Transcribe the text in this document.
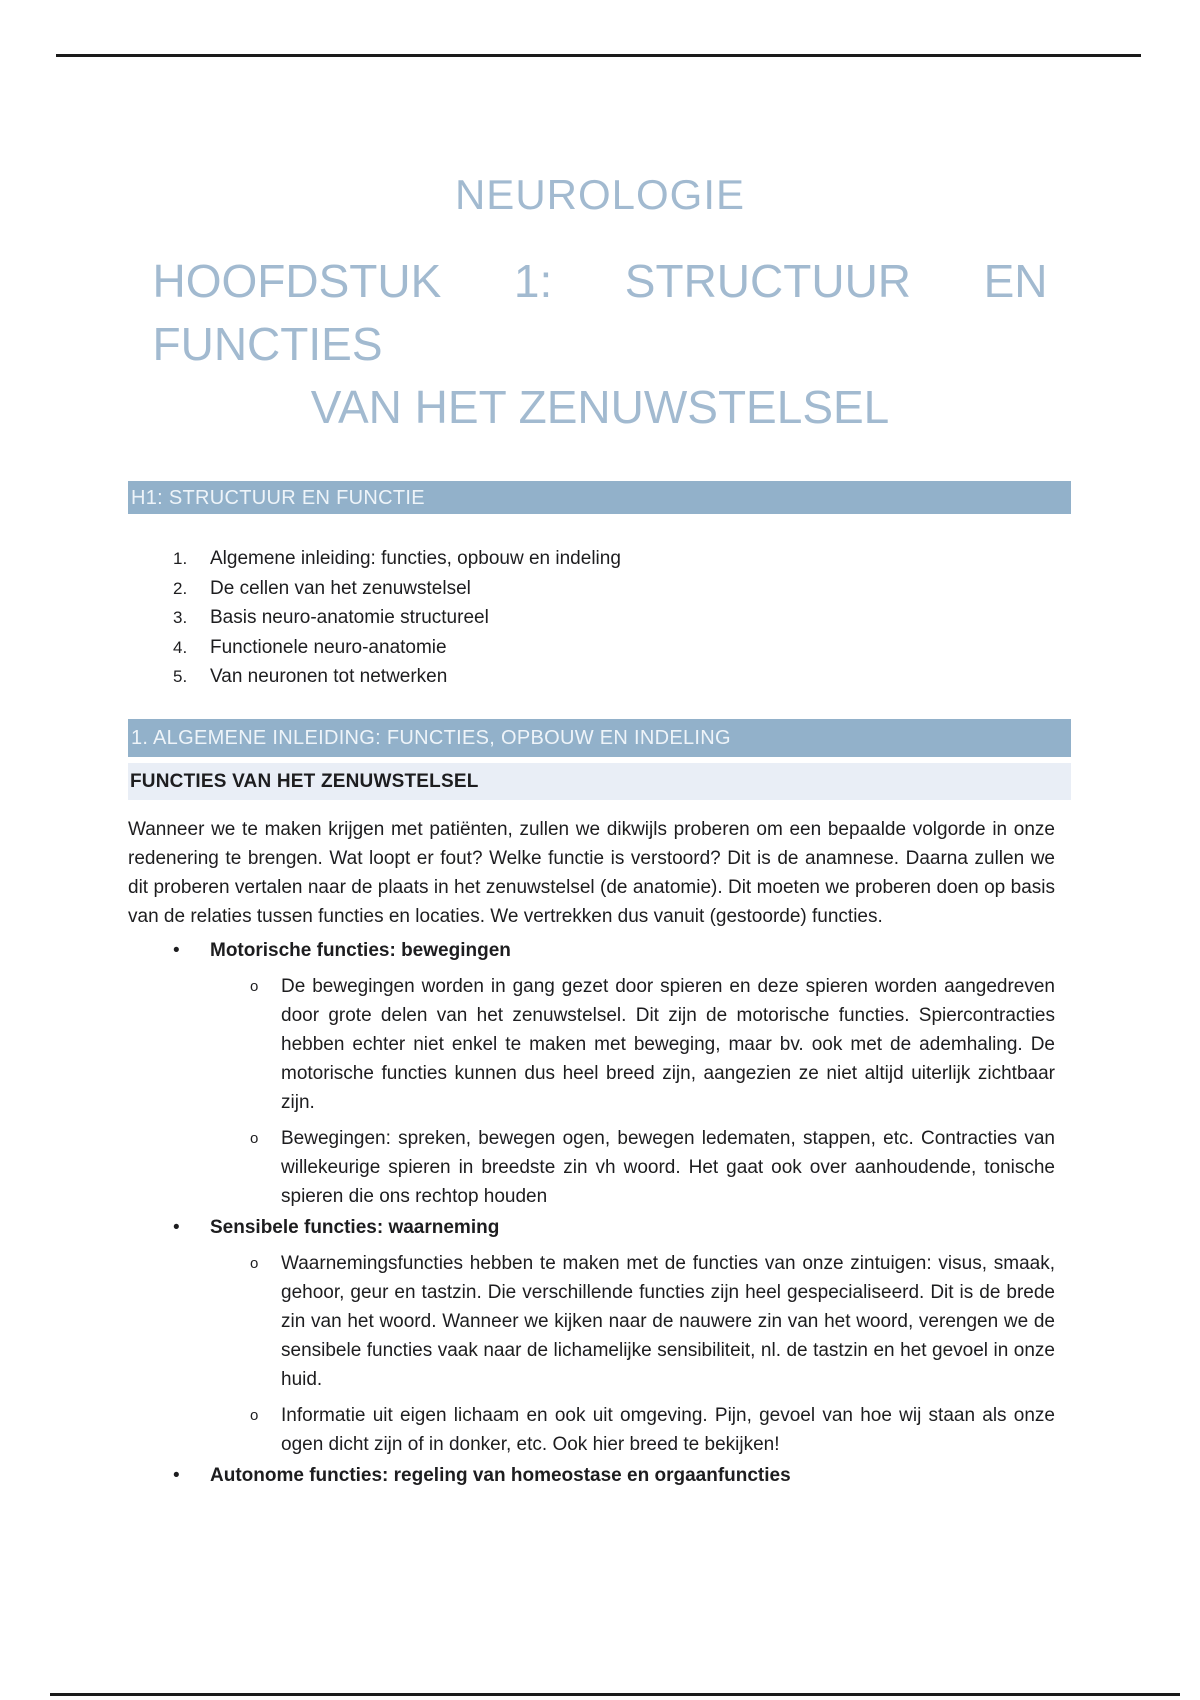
NEUROLOGIE
HOOFDSTUK 1: STRUCTUUR EN FUNCTIES
VAN HET ZENUWSTELSEL
H1: STRUCTUUR EN FUNCTIE
1.	Algemene inleiding: functies, opbouw en indeling
2.	De cellen van het zenuwstelsel
3.	Basis neuro-anatomie structureel
4.	Functionele neuro-anatomie
5.	Van neuronen tot netwerken
1. ALGEMENE INLEIDING: FUNCTIES, OPBOUW EN INDELING
FUNCTIES VAN HET ZENUWSTELSEL

Wanneer we te maken krijgen met patiënten, zullen we dikwijls proberen om een bepaalde volgorde in onze redenering te brengen. Wat loopt er fout? Welke functie is verstoord? Dit is de anamnese. Daarna zullen we dit proberen vertalen naar de plaats in het zenuwstelsel (de anatomie). Dit moeten we proberen doen op basis van de relaties tussen functies en locaties. We vertrekken dus vanuit (gestoorde) functies.

•	Motorische functies: bewegingen
o	De bewegingen worden in gang gezet door spieren en deze spieren worden aangedreven door grote delen van het zenuwstelsel. Dit zijn de motorische functies. Spiercontracties hebben echter niet enkel te maken met beweging, maar bv. ook met de ademhaling. De motorische functies kunnen dus heel breed zijn, aangezien ze niet altijd uiterlijk zichtbaar zijn.
o	Bewegingen: spreken, bewegen ogen, bewegen ledematen, stappen, etc. Contracties van willekeurige spieren in breedste zin vh woord. Het gaat ook over aanhoudende, tonische spieren die ons rechtop houden
•	Sensibele functies: waarneming
o	Waarnemingsfuncties hebben te maken met de functies van onze zintuigen: visus, smaak, gehoor, geur en tastzin. Die verschillende functies zijn heel gespecialiseerd. Dit is de brede zin van het woord. Wanneer we kijken naar de nauwere zin van het woord, verengen we de sensibele functies vaak naar de lichamelijke sensibiliteit, nl. de tastzin en het gevoel in onze huid.
o	Informatie uit eigen lichaam en ook uit omgeving. Pijn, gevoel van hoe wij staan als onze ogen dicht zijn of in donker, etc. Ook hier breed te bekijken!
•	Autonome functies: regeling van homeostase en orgaanfuncties
